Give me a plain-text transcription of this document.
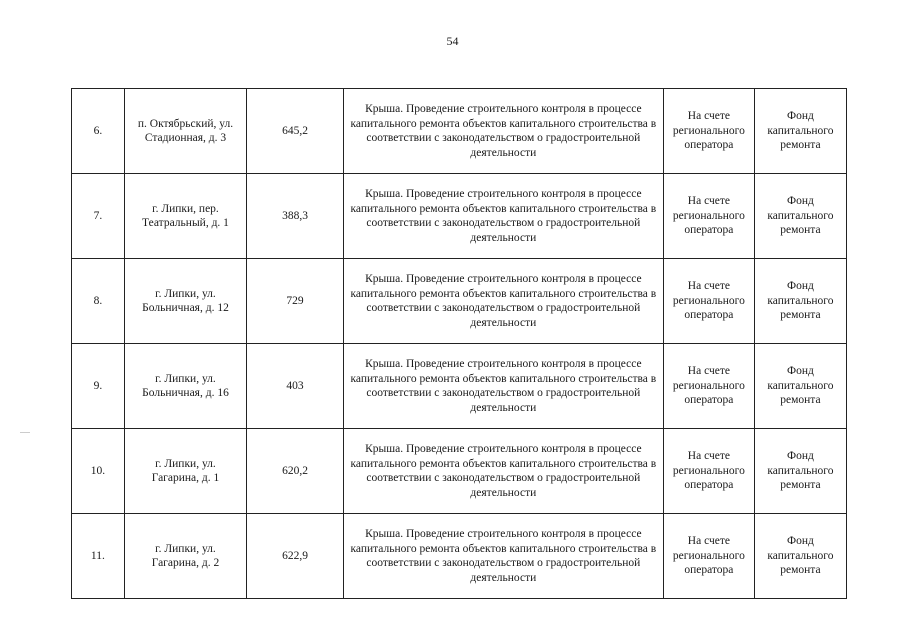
54
6.	п. Октябрьский, ул. Стадионная, д. 3	645,2	Крыша. Проведение строительного контроля в процессе капитального ремонта объектов капитального строительства в соответствии с законодательством о градостроительной деятельности	На счете регионального оператора	Фонд капитального ремонта
7.	г. Липки, пер. Театральный, д. 1	388,3	Крыша. Проведение строительного контроля в процессе капитального ремонта объектов капитального строительства в соответствии с законодательством о градостроительной деятельности	На счете регионального оператора	Фонд капитального ремонта
8.	г. Липки, ул. Больничная, д. 12	729	Крыша. Проведение строительного контроля в процессе капитального ремонта объектов капитального строительства в соответствии с законодательством о градостроительной деятельности	На счете регионального оператора	Фонд капитального ремонта
9.	г. Липки, ул. Больничная, д. 16	403	Крыша. Проведение строительного контроля в процессе капитального ремонта объектов капитального строительства в соответствии с законодательством о градостроительной деятельности	На счете регионального оператора	Фонд капитального ремонта
10.	г. Липки, ул. Гагарина, д. 1	620,2	Крыша. Проведение строительного контроля в процессе капитального ремонта объектов капитального строительства в соответствии с законодательством о градостроительной деятельности	На счете регионального оператора	Фонд капитального ремонта
11.	г. Липки, ул. Гагарина, д. 2	622,9	Крыша. Проведение строительного контроля в процессе капитального ремонта объектов капитального строительства в соответствии с законодательством о градостроительной деятельности	На счете регионального оператора	Фонд капитального ремонта
